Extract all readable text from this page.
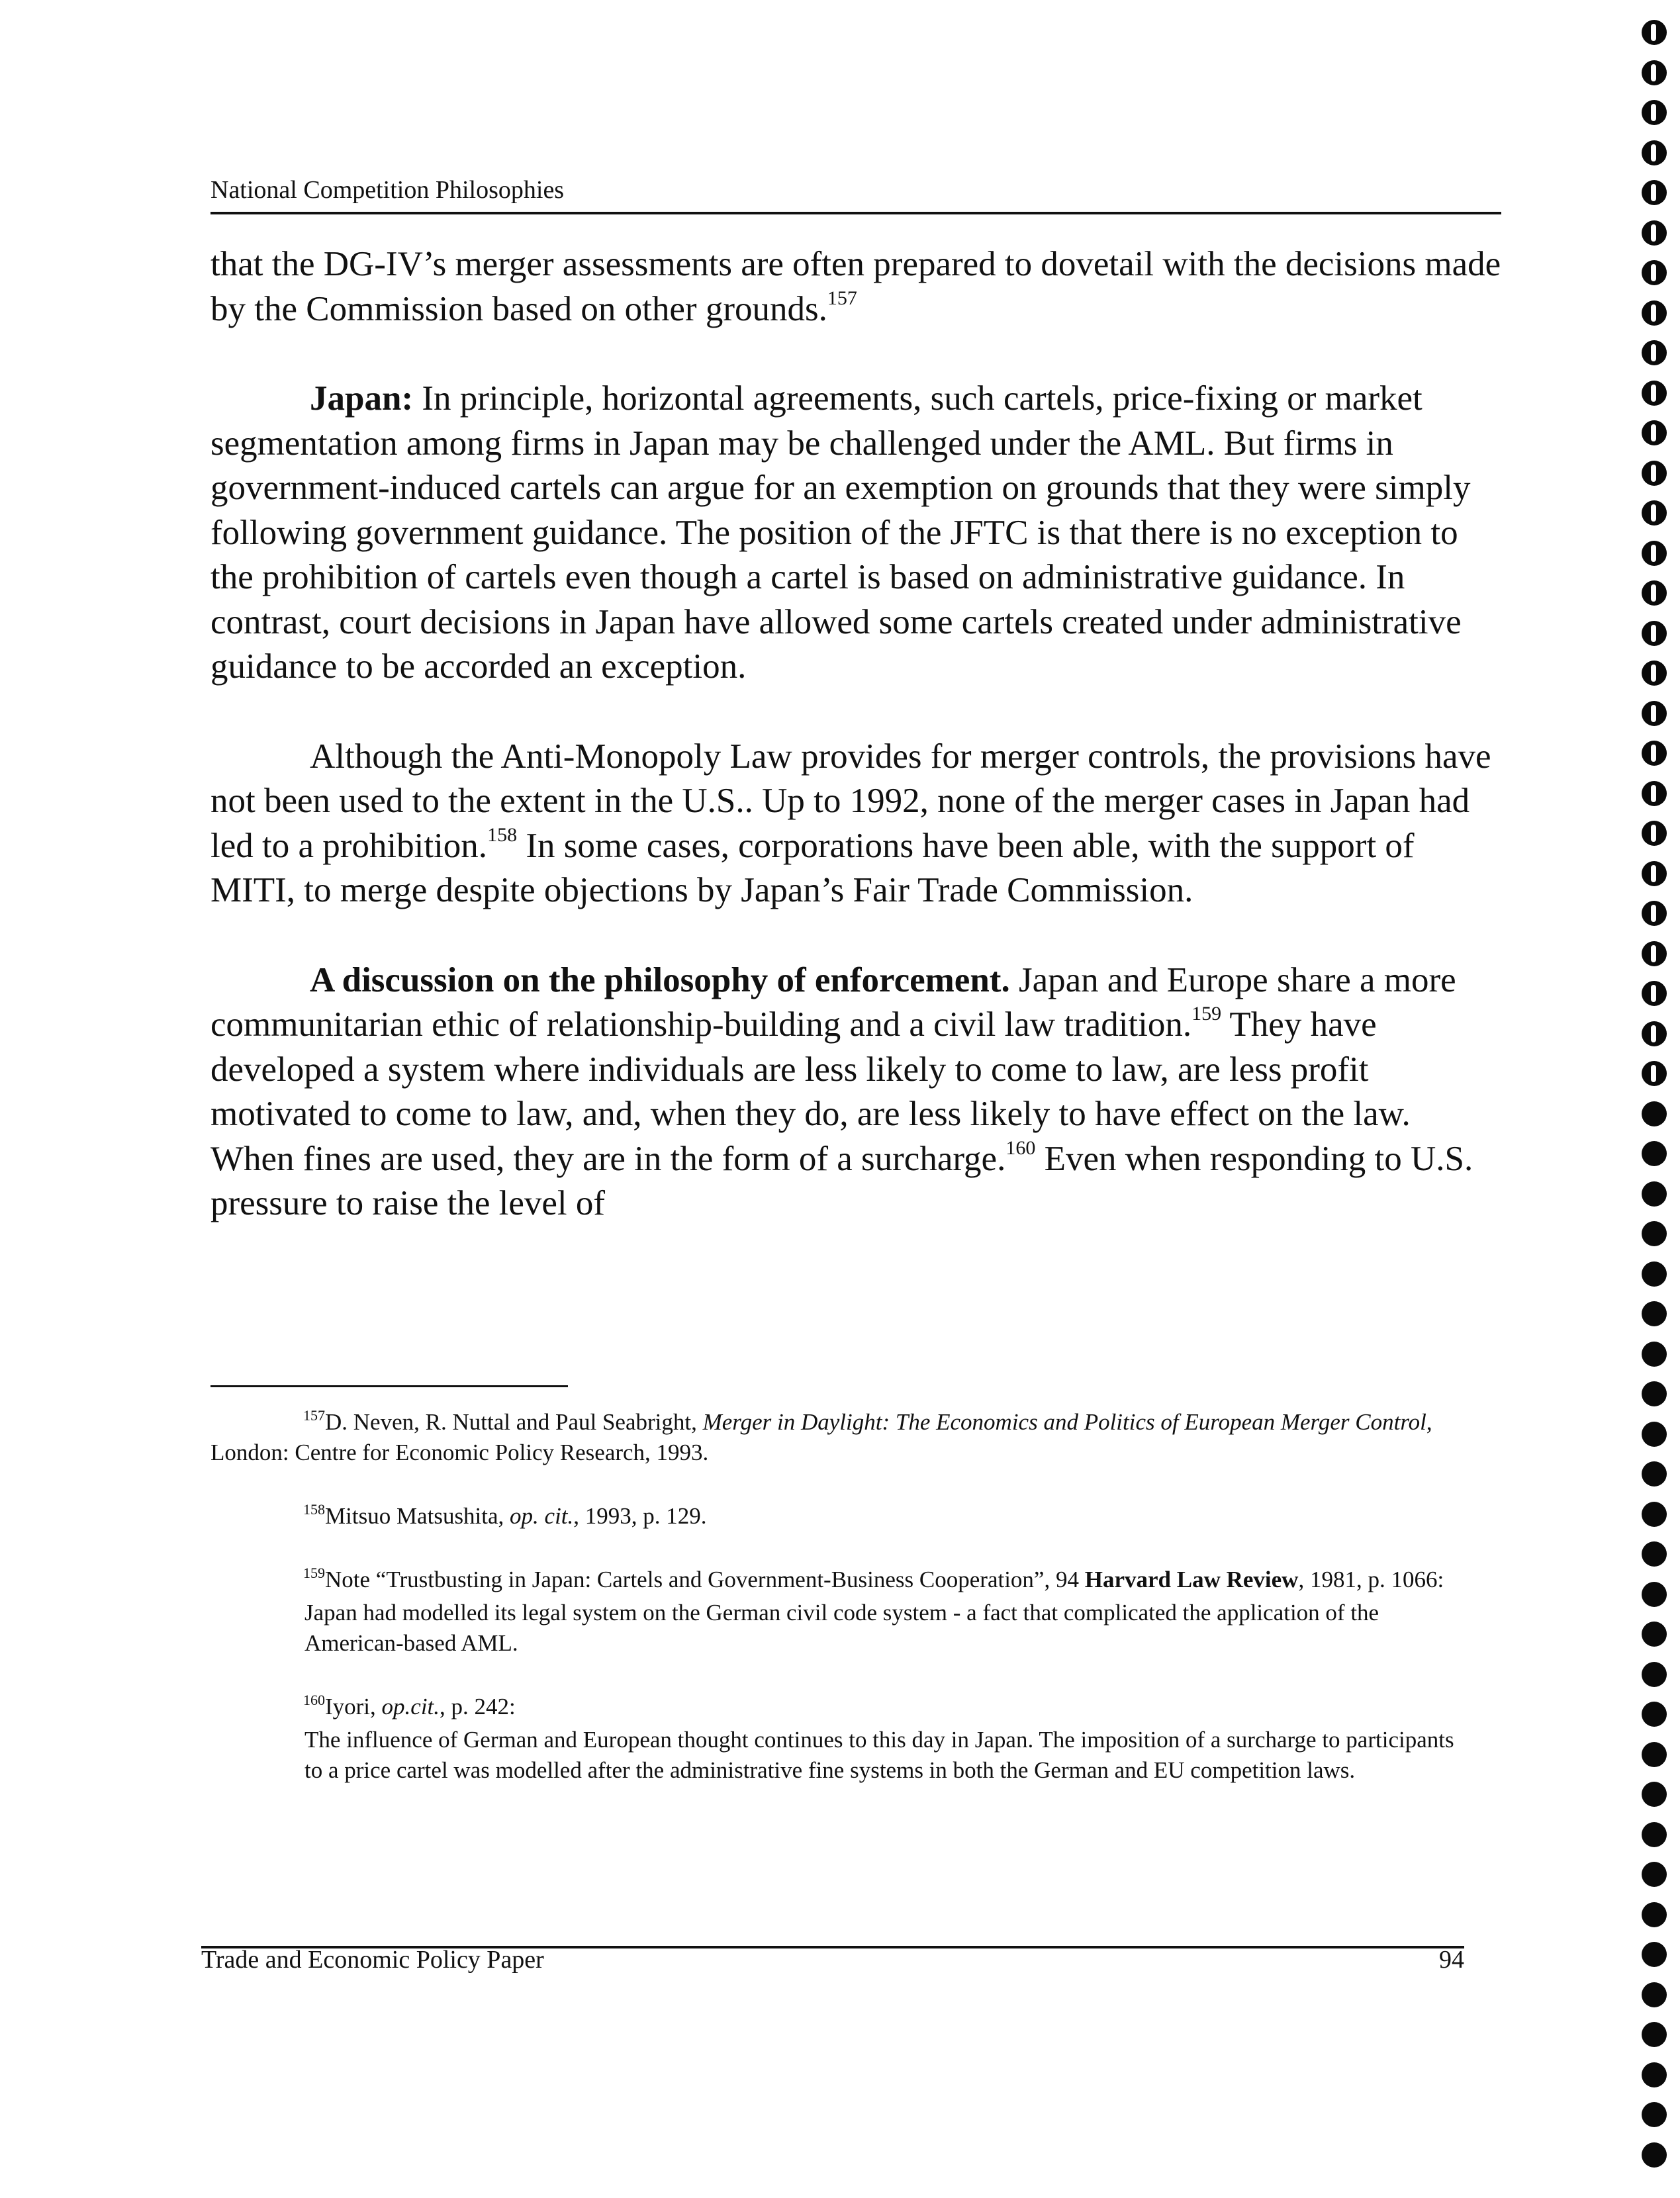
National Competition Philosophies

that the DG-IV’s merger assessments are often prepared to dovetail with the decisions made by the Commission based on other grounds.$^{157}$

Japan: In principle, horizontal agreements, such cartels, price-fixing or market segmentation among firms in Japan may be challenged under the AML. But firms in government-induced cartels can argue for an exemption on grounds that they were simply following government guidance. The position of the JFTC is that there is no exception to the prohibition of cartels even though a cartel is based on administrative guidance. In contrast, court decisions in Japan have allowed some cartels created under administrative guidance to be accorded an exception.

Although the Anti-Monopoly Law provides for merger controls, the provisions have not been used to the extent in the U.S.. Up to 1992, none of the merger cases in Japan had led to a prohibition.$^{158}$ In some cases, corporations have been able, with the support of MITI, to merge despite objections by Japan’s Fair Trade Commission.

A discussion on the philosophy of enforcement. Japan and Europe share a more communitarian ethic of relationship-building and a civil law tradition.$^{159}$ They have developed a system where individuals are less likely to come to law, are less profit motivated to come to law, and, when they do, are less likely to have effect on the law. When fines are used, they are in the form of a surcharge.$^{160}$ Even when responding to U.S. pressure to raise the level of

$^{157}$D. Neven, R. Nuttal and Paul Seabright, Merger in Daylight: The Economics and Politics of European Merger Control, London: Centre for Economic Policy Research, 1993.

$^{158}$Mitsuo Matsushita, op. cit., 1993, p. 129.

$^{159}$Note “Trustbusting in Japan: Cartels and Government-Business Cooperation”, 94 Harvard Law Review, 1981, p. 1066:

Japan had modelled its legal system on the German civil code system - a fact that complicated the application of the American-based AML.

$^{160}$Iyori, op.cit., p. 242:

The influence of German and European thought continues to this day in Japan. The imposition of a surcharge to participants to a price cartel was modelled after the administrative fine systems in both the German and EU competition laws.

Trade and Economic Policy Paper	94
